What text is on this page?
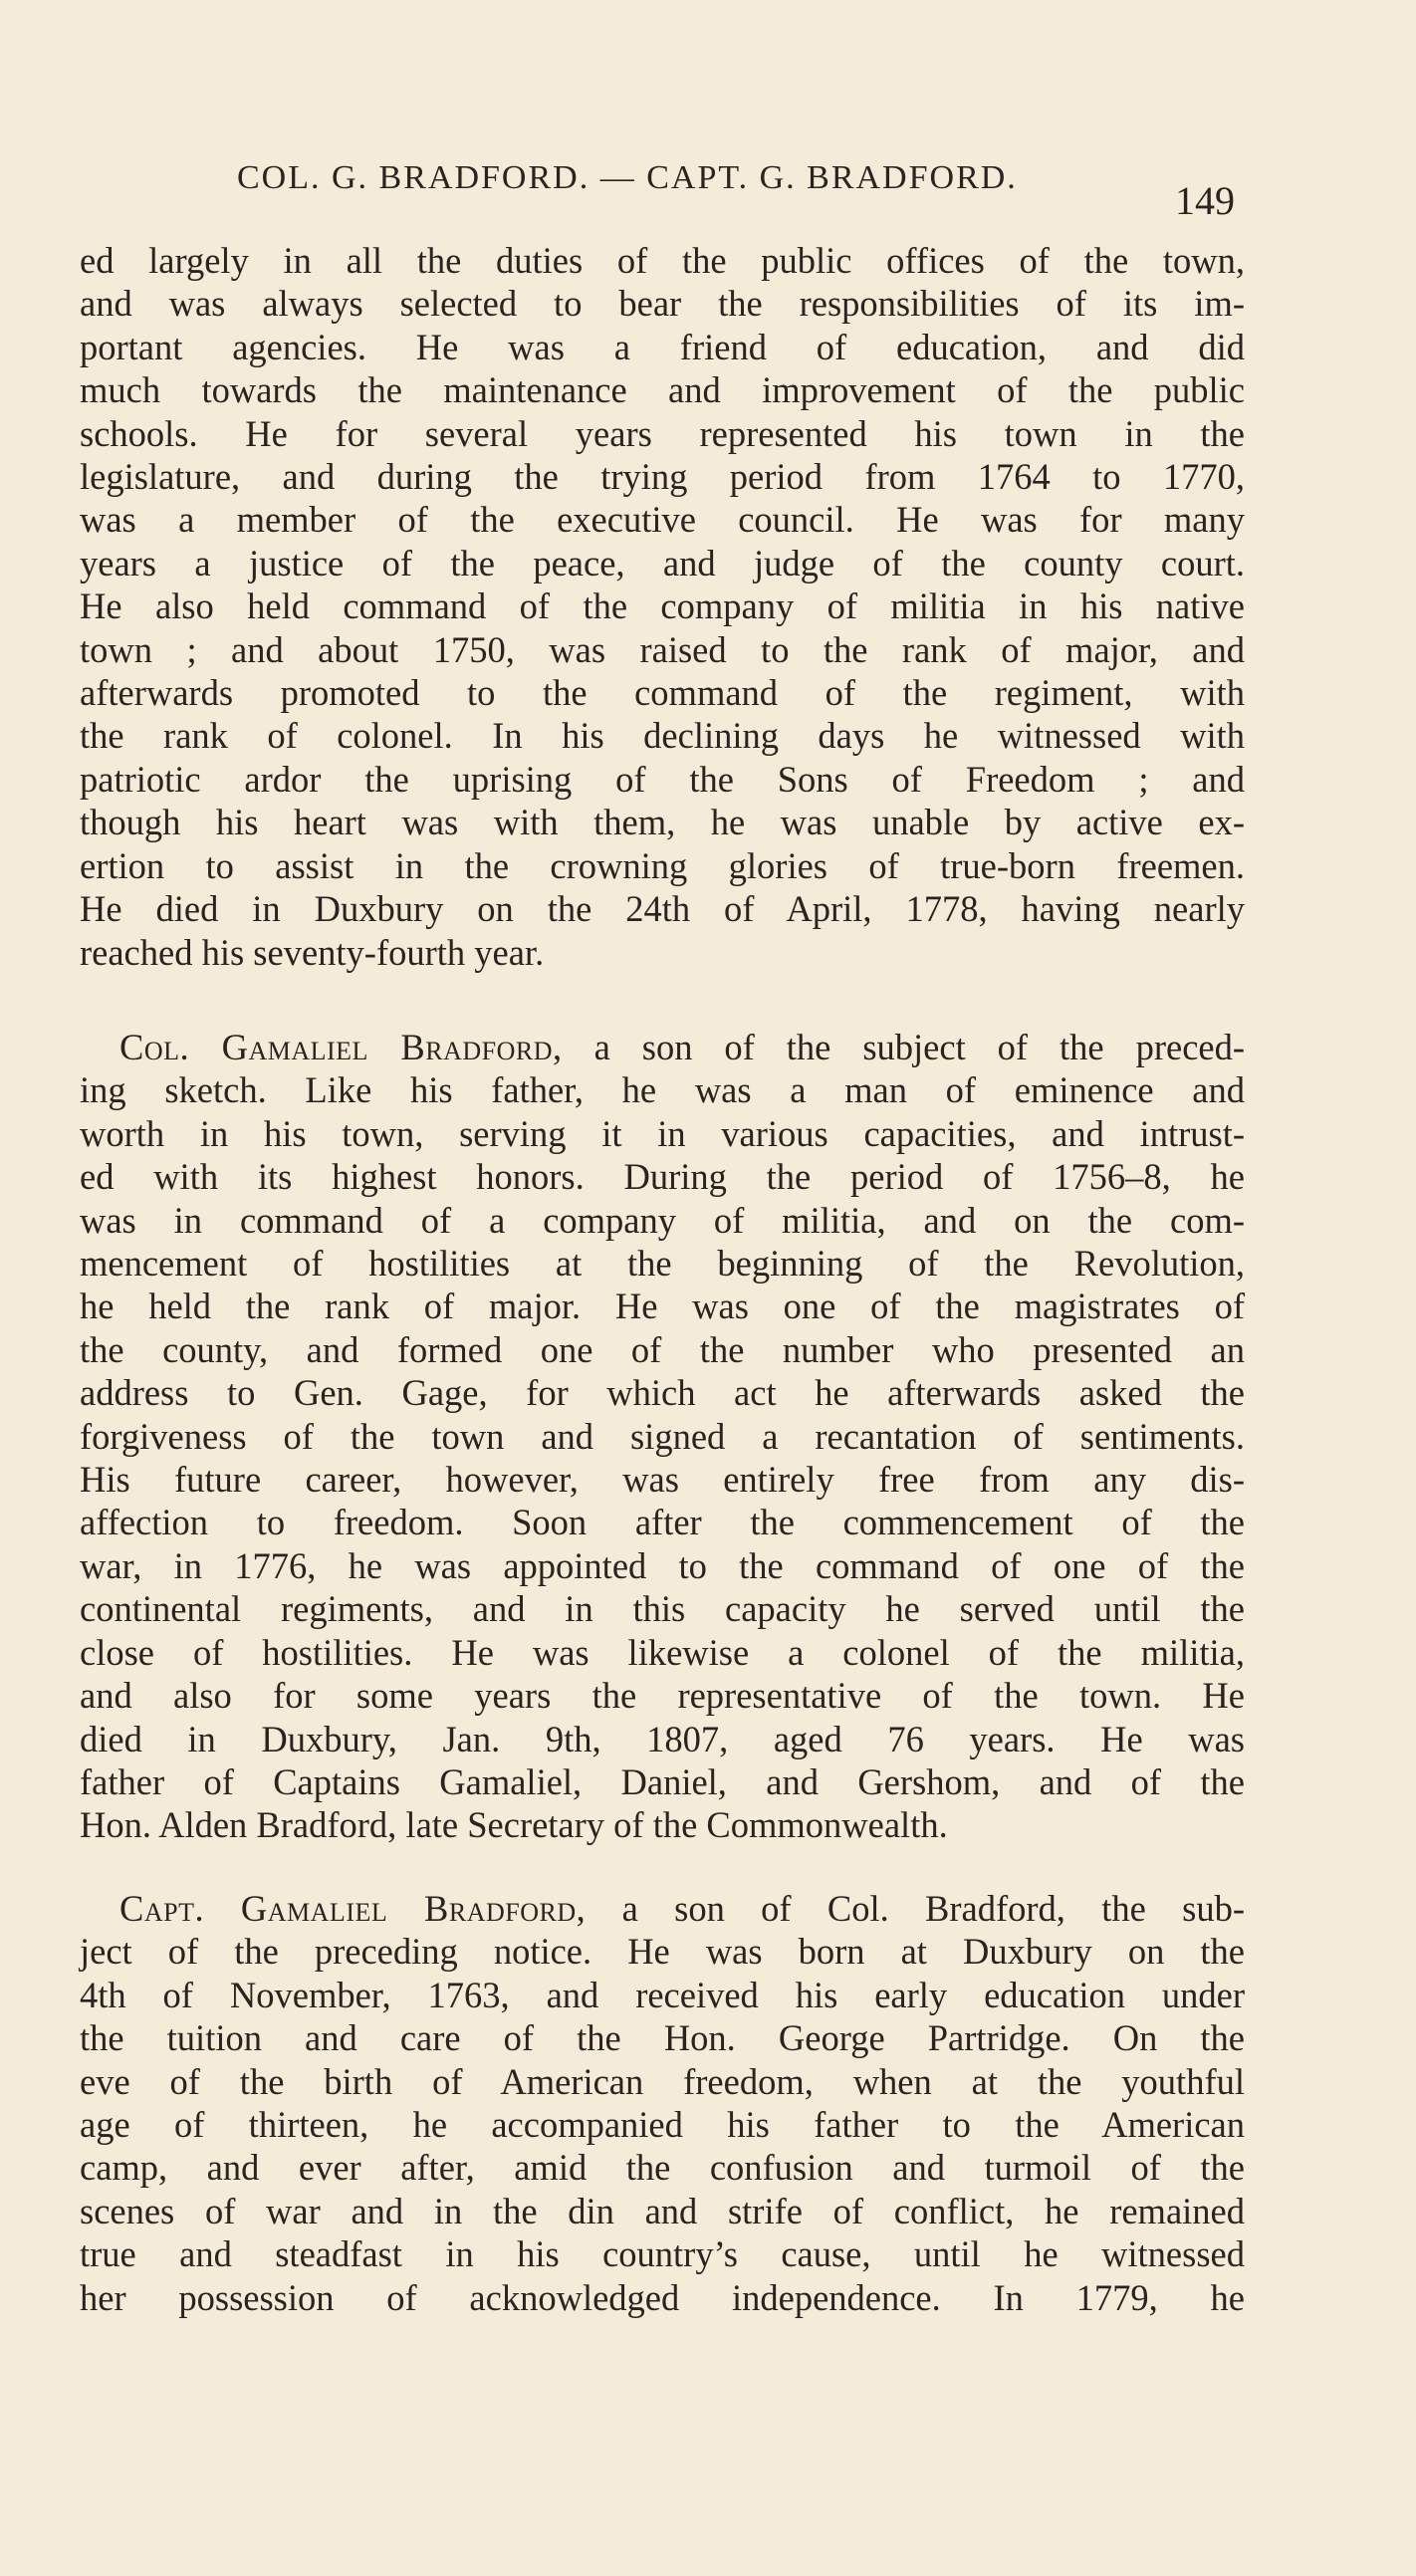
COL. G. BRADFORD. — CAPT. G. BRADFORD.
149

ed largely in all the duties of the public offices of the town,

and was always selected to bear the responsibilities of its im-

portant agencies. He was a friend of education, and did

much towards the maintenance and improvement of the public

schools. He for several years represented his town in the

legislature, and during the trying period from 1764 to 1770,

was a member of the executive council. He was for many

years a justice of the peace, and judge of the county court.

He also held command of the company of militia in his native

town ; and about 1750, was raised to the rank of major, and

afterwards promoted to the command of the regiment, with

the rank of colonel. In his declining days he witnessed with

patriotic ardor the uprising of the Sons of Freedom ; and

though his heart was with them, he was unable by active ex-

ertion to assist in the crowning glories of true-born freemen.

He died in Duxbury on the 24th of April, 1778, having nearly

reached his seventy-fourth year.

Col. Gamaliel Bradford, a son of the subject of the preced-

ing sketch. Like his father, he was a man of eminence and

worth in his town, serving it in various capacities, and intrust-

ed with its highest honors. During the period of 1756–8, he

was in command of a company of militia, and on the com-

mencement of hostilities at the beginning of the Revolution,

he held the rank of major. He was one of the magistrates of

the county, and formed one of the number who presented an

address to Gen. Gage, for which act he afterwards asked the

forgiveness of the town and signed a recantation of sentiments.

His future career, however, was entirely free from any dis-

affection to freedom. Soon after the commencement of the

war, in 1776, he was appointed to the command of one of the

continental regiments, and in this capacity he served until the

close of hostilities. He was likewise a colonel of the militia,

and also for some years the representative of the town. He

died in Duxbury, Jan. 9th, 1807, aged 76 years. He was

father of Captains Gamaliel, Daniel, and Gershom, and of the

Hon. Alden Bradford, late Secretary of the Commonwealth.

Capt. Gamaliel Bradford, a son of Col. Bradford, the sub-

ject of the preceding notice. He was born at Duxbury on the

4th of November, 1763, and received his early education under

the tuition and care of the Hon. George Partridge. On the

eve of the birth of American freedom, when at the youthful

age of thirteen, he accompanied his father to the American

camp, and ever after, amid the confusion and turmoil of the

scenes of war and in the din and strife of conflict, he remained

true and steadfast in his country’s cause, until he witnessed

her possession of acknowledged independence. In 1779, he
